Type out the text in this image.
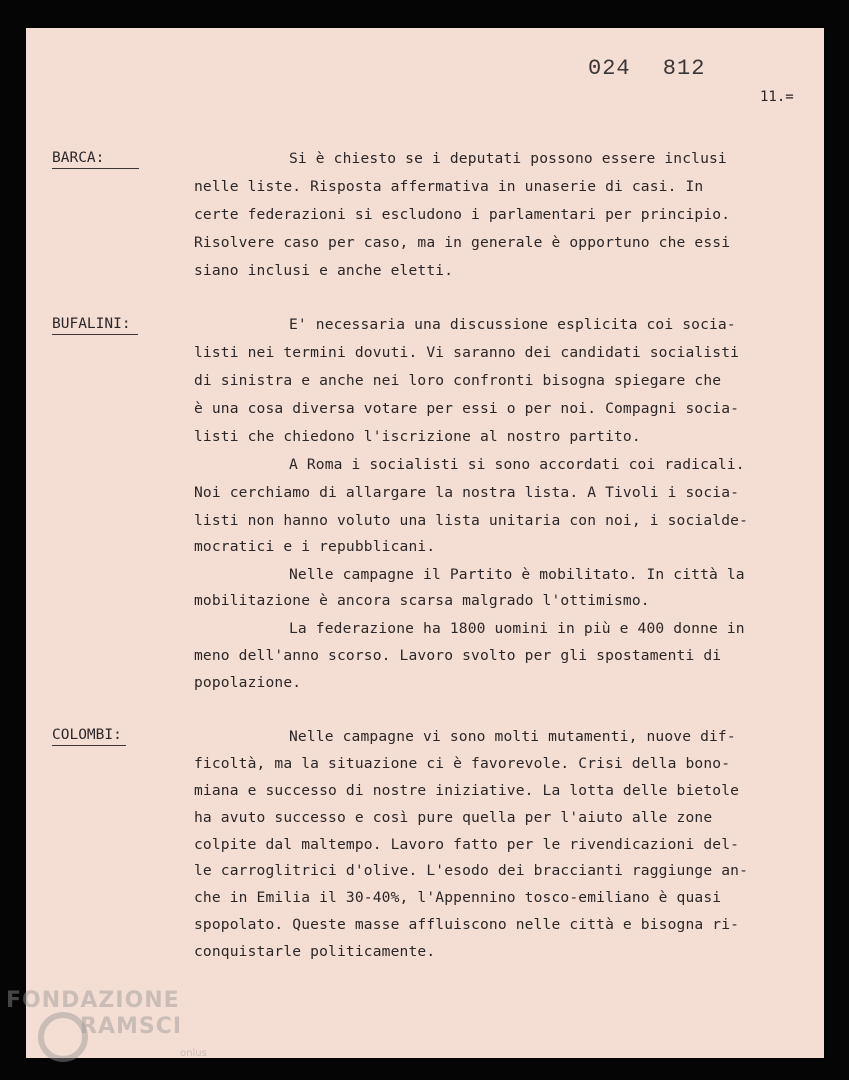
024 812
11.=
BARCA:	Si è chiesto se i deputati possono essere inclusi
nelle liste. Risposta affermativa in unaserie di casi. In
certe federazioni si escludono i parlamentari per principio.
Risolvere caso per caso, ma in generale è opportuno che essi
siano inclusi e anche eletti.
BUFALINI:	E' necessaria una discussione esplicita coi socia-
listi nei termini dovuti. Vi saranno dei candidati socialisti
di sinistra e anche nei loro confronti bisogna spiegare che
è una cosa diversa votare per essi o per noi. Compagni socia-
listi che chiedono l'iscrizione al nostro partito.
A Roma i socialisti si sono accordati coi radicali.
Noi cerchiamo di allargare la nostra lista. A Tivoli i socia-
listi non hanno voluto una lista unitaria con noi, i socialde-
mocratici e i repubblicani.
Nelle campagne il Partito è mobilitato. In città la
mobilitazione è ancora scarsa malgrado l'ottimismo.
La federazione ha 1800 uomini in più e 400 donne in
meno dell'anno scorso. Lavoro svolto per gli spostamenti di
popolazione.
COLOMBI:	Nelle campagne vi sono molti mutamenti, nuove dif-
ficoltà, ma la situazione ci è favorevole. Crisi della bono-
miana e successo di nostre iniziative. La lotta delle bietole
ha avuto successo e così pure quella per l'aiuto alle zone
colpite dal maltempo. Lavoro fatto per le rivendicazioni del-
le carroglitrici d'olive. L'esodo dei braccianti raggiunge an-
che in Emilia il 30-40%, l'Appennino tosco-emiliano è quasi
spopolato. Queste masse affluiscono nelle città e bisogna ri-
conquistarle politicamente.
FONDAZIONE
RAMSCI
onlus
